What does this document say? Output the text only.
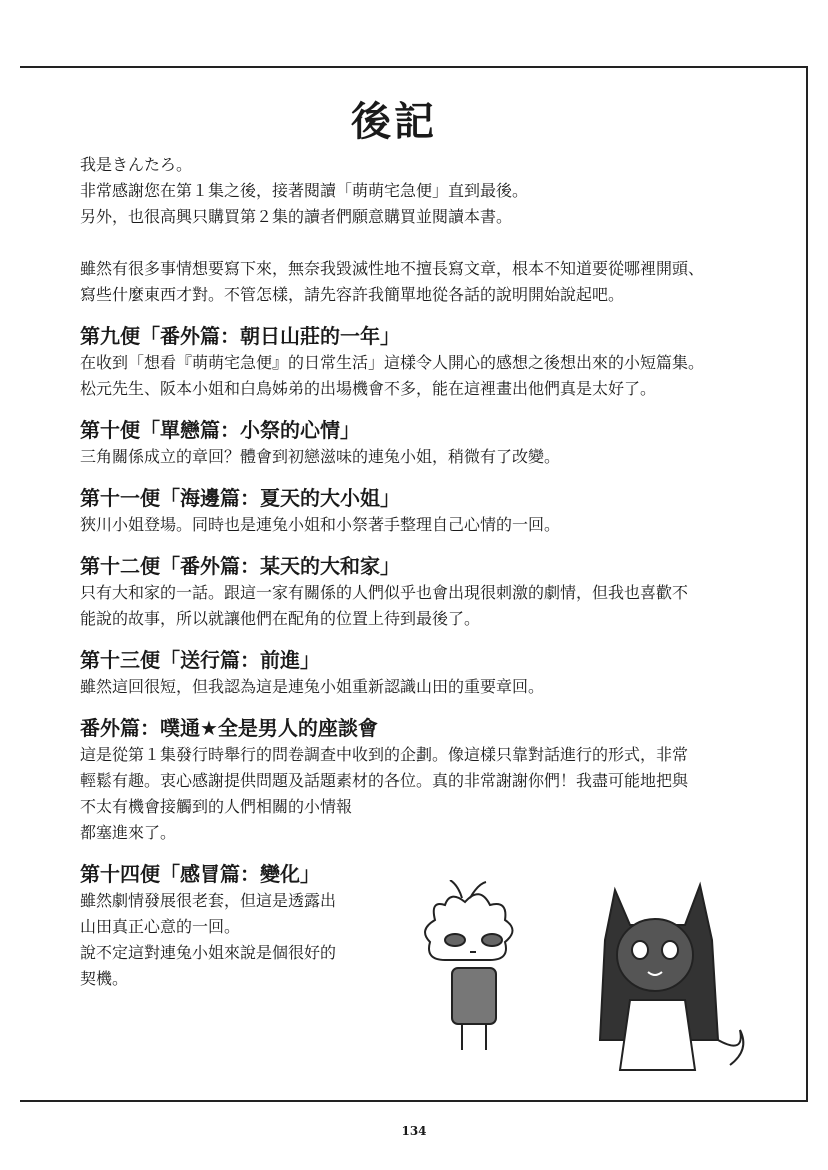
後記
我是きんたろ。
非常感謝您在第１集之後，接著閱讀「萌萌宅急便」直到最後。
另外，也很高興只購買第２集的讀者們願意購買並閱讀本書。
雖然有很多事情想要寫下來，無奈我毀滅性地不擅長寫文章，根本不知道要從哪裡開頭、
寫些什麼東西才對。不管怎樣，請先容許我簡單地從各話的說明開始說起吧。
第九便「番外篇：朝日山莊的一年」
在收到「想看『萌萌宅急便』的日常生活」這樣令人開心的感想之後想出來的小短篇集。
松元先生、阪本小姐和白鳥姊弟的出場機會不多，能在這裡畫出他們真是太好了。
第十便「單戀篇：小祭的心情」
三角關係成立的章回？體會到初戀滋味的連兔小姐，稍微有了改變。
第十一便「海邊篇：夏天的大小姐」
狹川小姐登場。同時也是連兔小姐和小祭著手整理自己心情的一回。
第十二便「番外篇：某天的大和家」
只有大和家的一話。跟這一家有關係的人們似乎也會出現很刺激的劇情，但我也喜歡不
能說的故事，所以就讓他們在配角的位置上待到最後了。
第十三便「送行篇：前進」
雖然這回很短，但我認為這是連兔小姐重新認識山田的重要章回。
番外篇：噗通★全是男人的座談會
這是從第１集發行時舉行的問卷調查中收到的企劃。像這樣只靠對話進行的形式，非常
輕鬆有趣。衷心感謝提供問題及話題素材的各位。真的非常謝謝你們！我盡可能地把與
不太有機會接觸到的人們相關的小情報
都塞進來了。
第十四便「感冒篇：變化」
雖然劇情發展很老套，但這是透露出
山田真正心意的一回。
說不定這對連兔小姐來說是個很好的
契機。
134
